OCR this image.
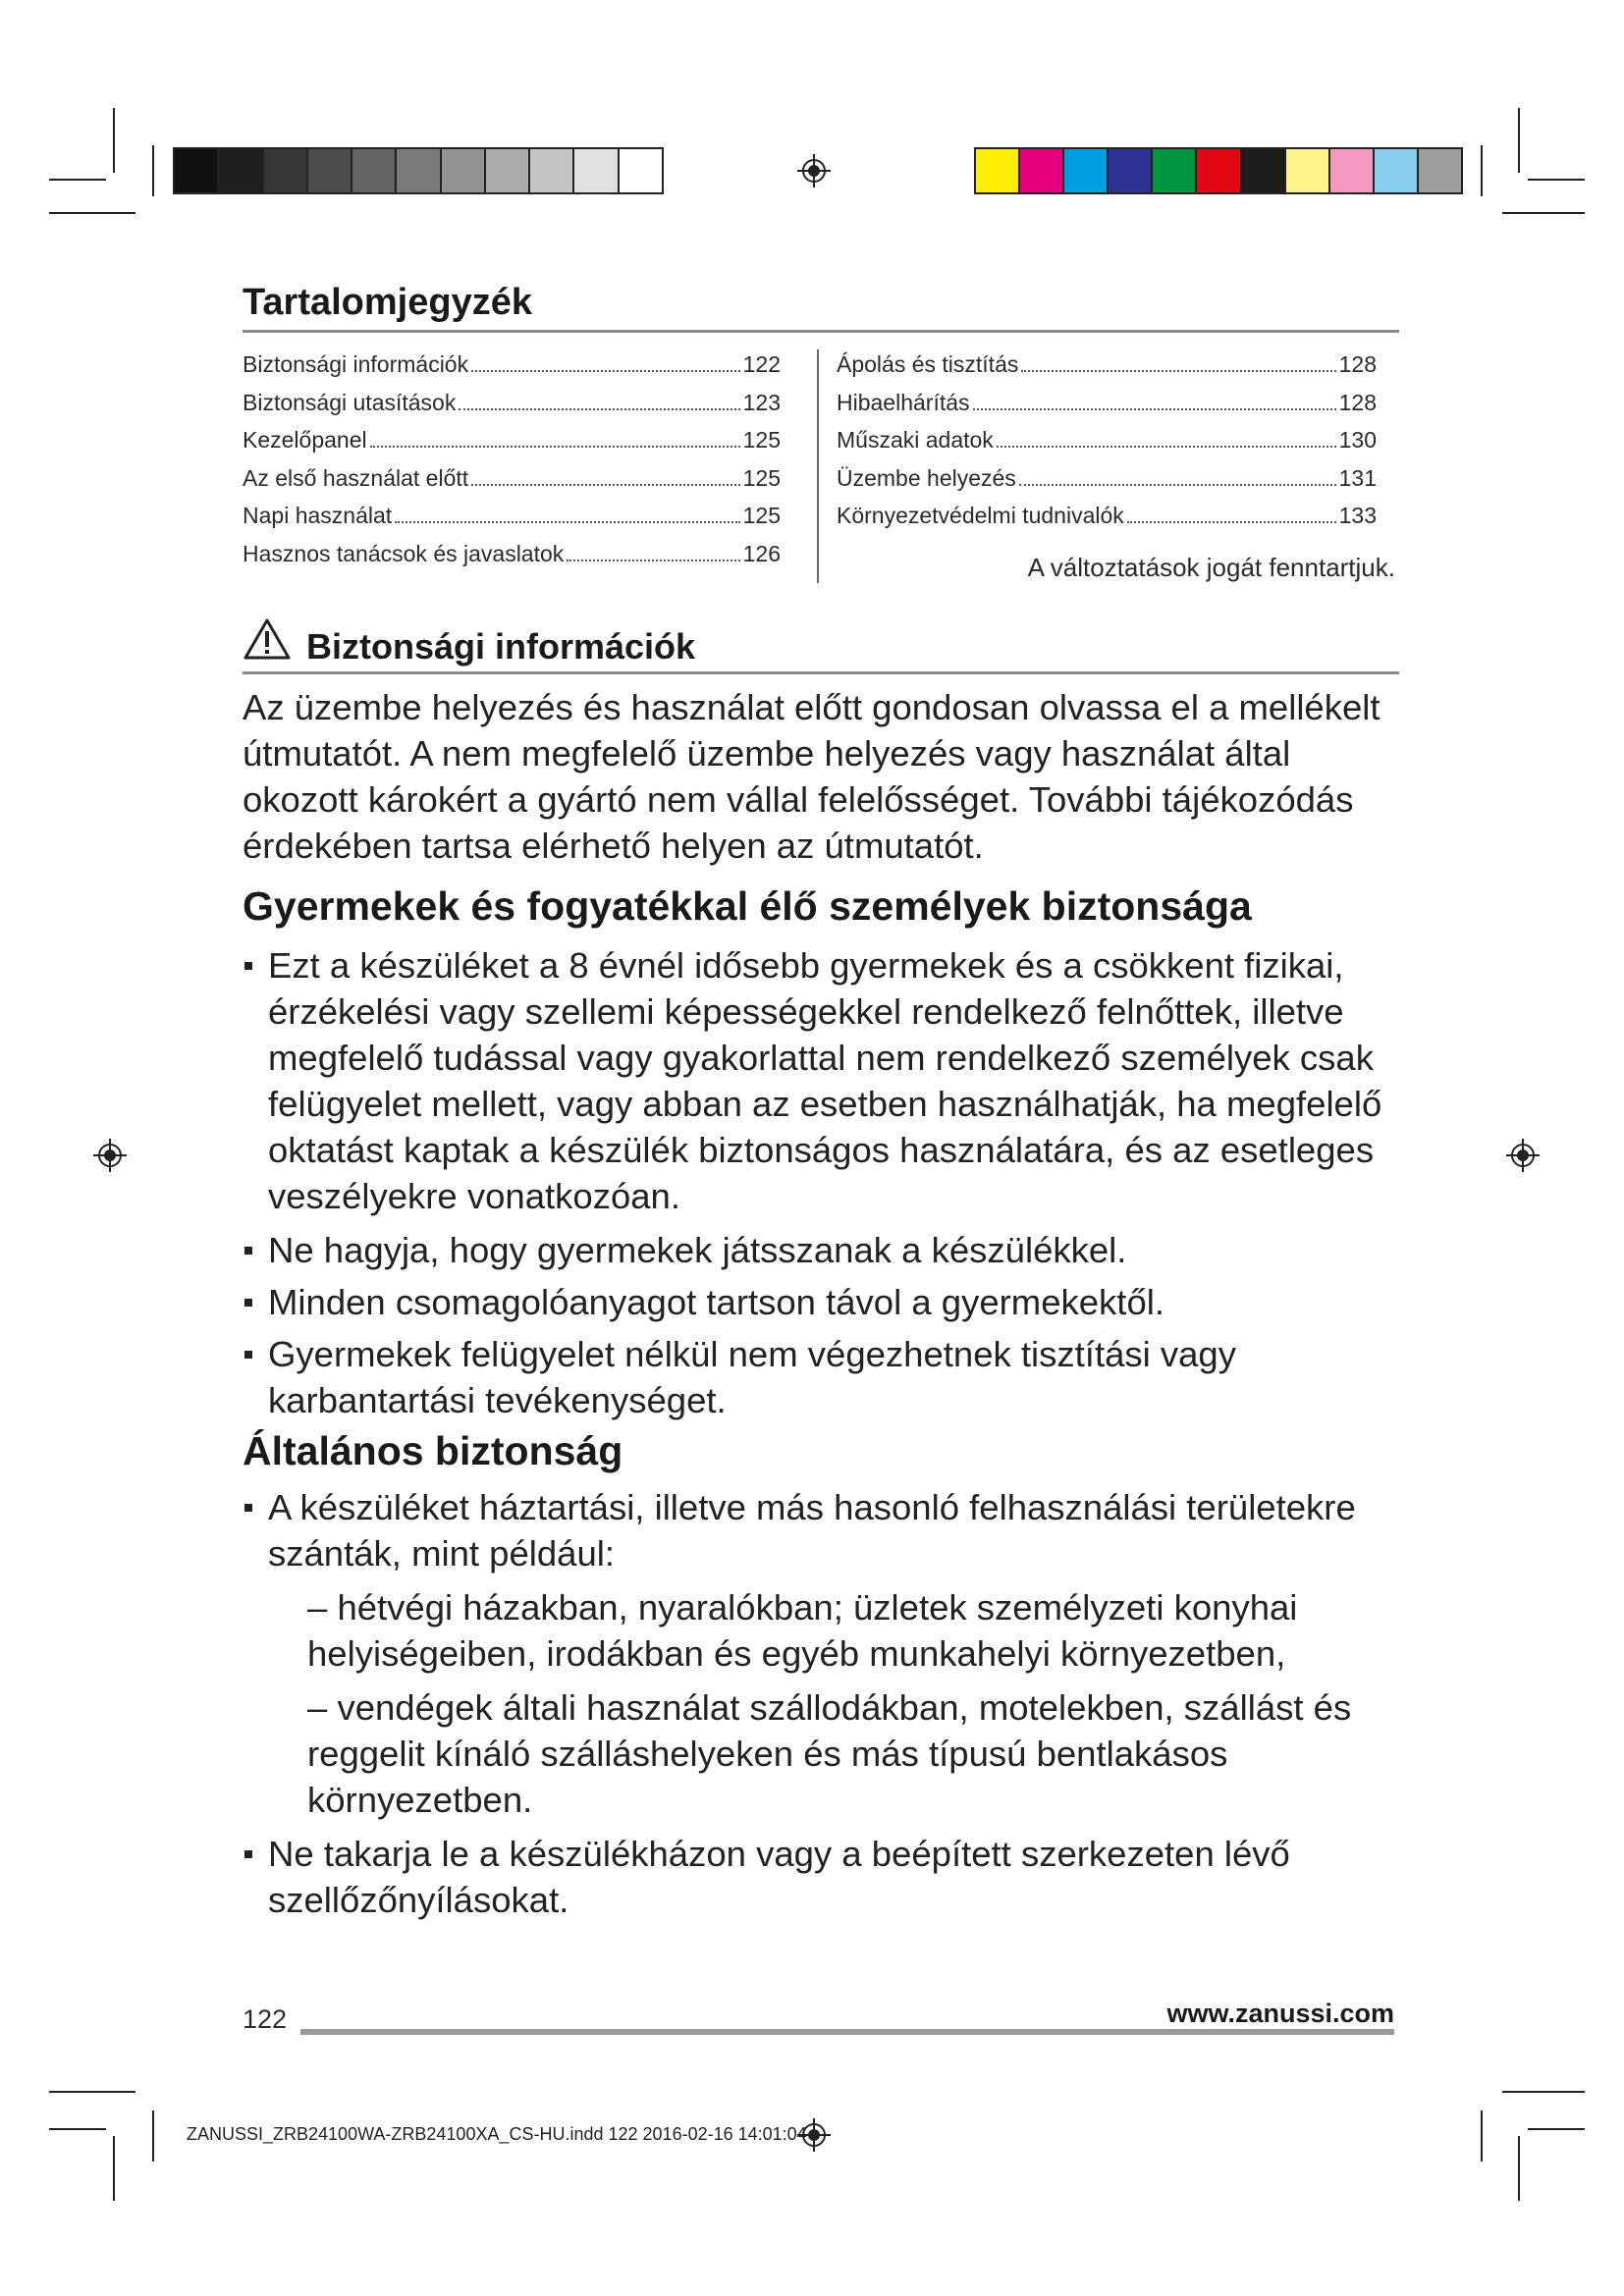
Tartalomjegyzék
Biztonsági információk	122
Biztonsági utasítások	123
Kezelőpanel	125
Az első használat előtt	125
Napi használat	125
Hasznos tanácsok és javaslatok	126
Ápolás és tisztítás	128
Hibaelhárítás	128
Műszaki adatok	130
Üzembe helyezés	131
Környezetvédelmi tudnivalók	133
A változtatások jogát fenntartjuk.
Biztonsági információk
Az üzembe helyezés és használat előtt gondosan olvassa el a mellékelt útmutatót. A nem megfelelő üzembe helyezés vagy használat által okozott károkért a gyártó nem vállal felelősséget. További tájékozódás érdekében tartsa elérhető helyen az útmutatót.
Gyermekek és fogyatékkal élő személyek biztonsága
Ezt a készüléket a 8 évnél idősebb gyermekek és a csökkent fizikai, érzékelési vagy szellemi képességekkel rendelkező felnőttek, illetve megfelelő tudással vagy gyakorlattal nem rendelkező személyek csak felügyelet mellett, vagy abban az esetben használhatják, ha megfelelő oktatást kaptak a készülék biztonságos használatára, és az esetleges veszélyekre vonatkozóan.
Ne hagyja, hogy gyermekek játsszanak a készülékkel.
Minden csomagolóanyagot tartson távol a gyermekektől.
Gyermekek felügyelet nélkül nem végezhetnek tisztítási vagy karbantartási tevékenységet.
Általános biztonság
A készüléket háztartási, illetve más hasonló felhasználási területekre szánták, mint például:
– hétvégi házakban, nyaralókban; üzletek személyzeti konyhai helyiségeiben, irodákban és egyéb munkahelyi környezetben,
– vendégek általi használat szállodákban, motelekben, szállást és reggelit kínáló szálláshelyeken és más típusú bentlakásos környezetben.
Ne takarja le a készülékházon vagy a beépített szerkezeten lévő szellőzőnyílásokat.
122	www.zanussi.com
ZANUSSI_ZRB24100WA-ZRB24100XA_CS-HU.indd 122 2016-02-16 14:01:04
